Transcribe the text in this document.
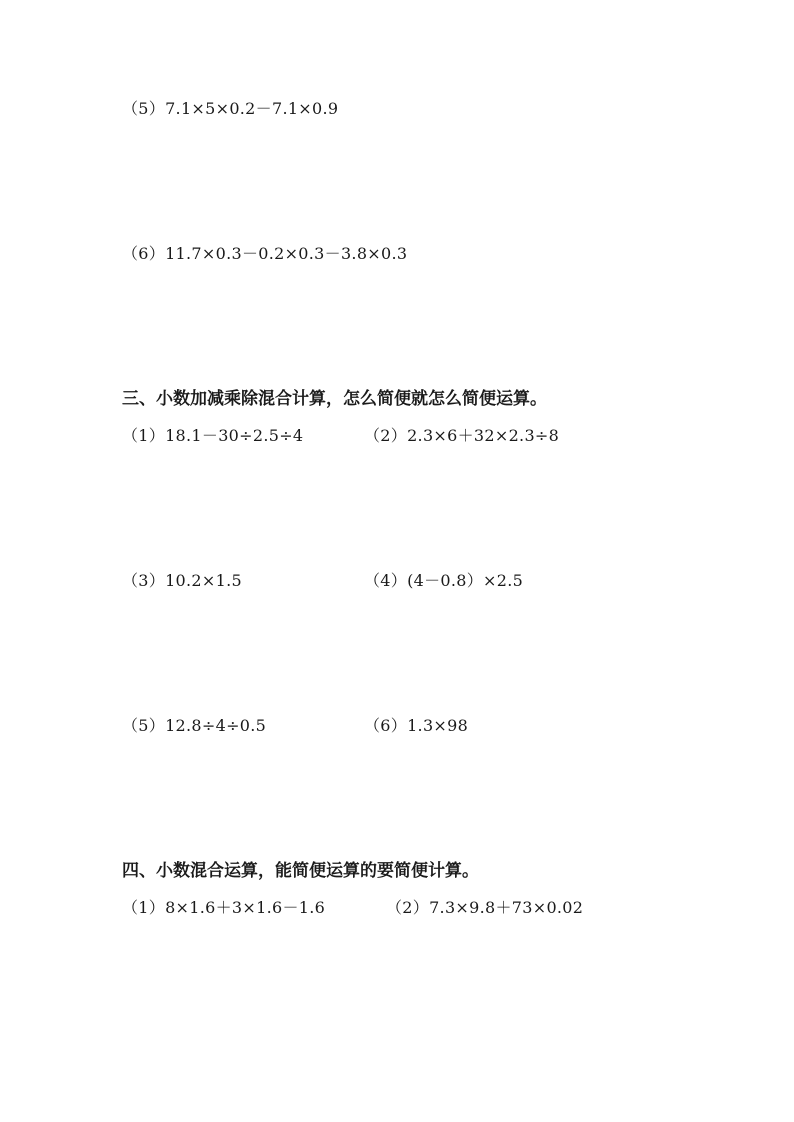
（5）7.1×5×0.2－7.1×0.9
（6）11.7×0.3－0.2×0.3－3.8×0.3
三、小数加减乘除混合计算，怎么简便就怎么简便运算。
（1）18.1－30÷2.5÷4	（2）2.3×6＋32×2.3÷8
（3）10.2×1.5	（4）(4－0.8）×2.5
（5）12.8÷4÷0.5	（6）1.3×98
四、小数混合运算，能简便运算的要简便计算。
（1）8×1.6＋3×1.6－1.6	（2）7.3×9.8＋73×0.02
